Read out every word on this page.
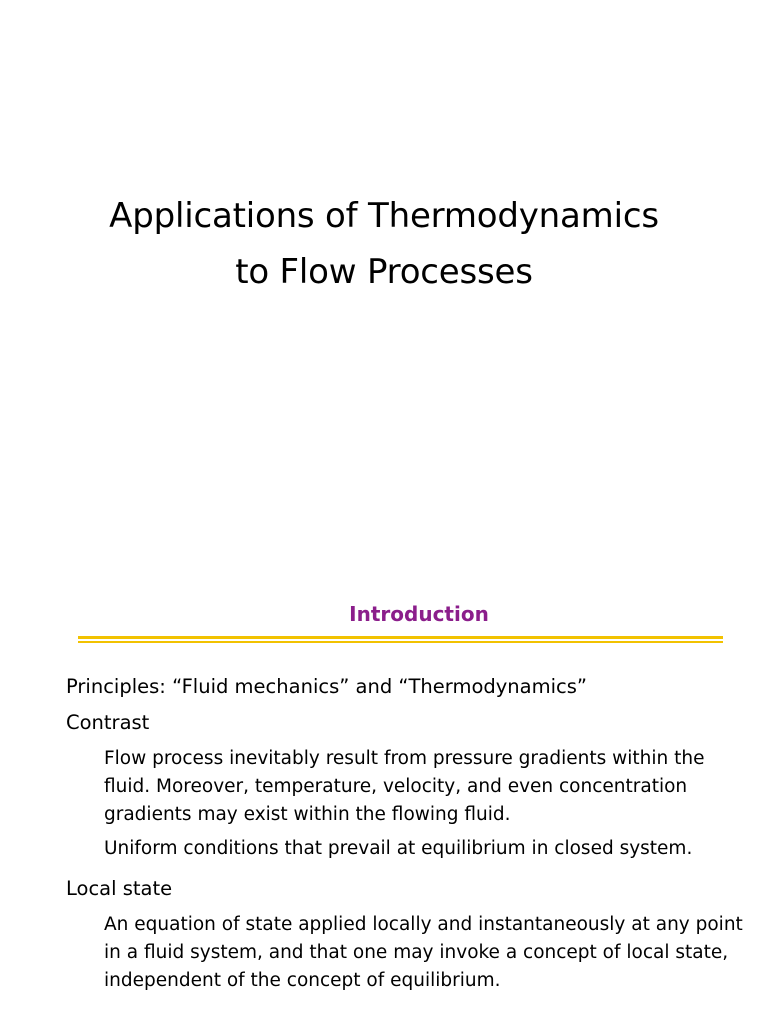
Applications of Thermodynamics
to Flow Processes
Introduction

Principles: “Fluid mechanics” and “Thermodynamics”

Contrast

Flow process inevitably result from pressure gradients within the fluid. Moreover, temperature, velocity, and even concentration gradients may exist within the flowing fluid.

Uniform conditions that prevail at equilibrium in closed system.

Local state

An equation of state applied locally and instantaneously at any point in a fluid system, and that one may invoke a concept of local state, independent of the concept of equilibrium.
